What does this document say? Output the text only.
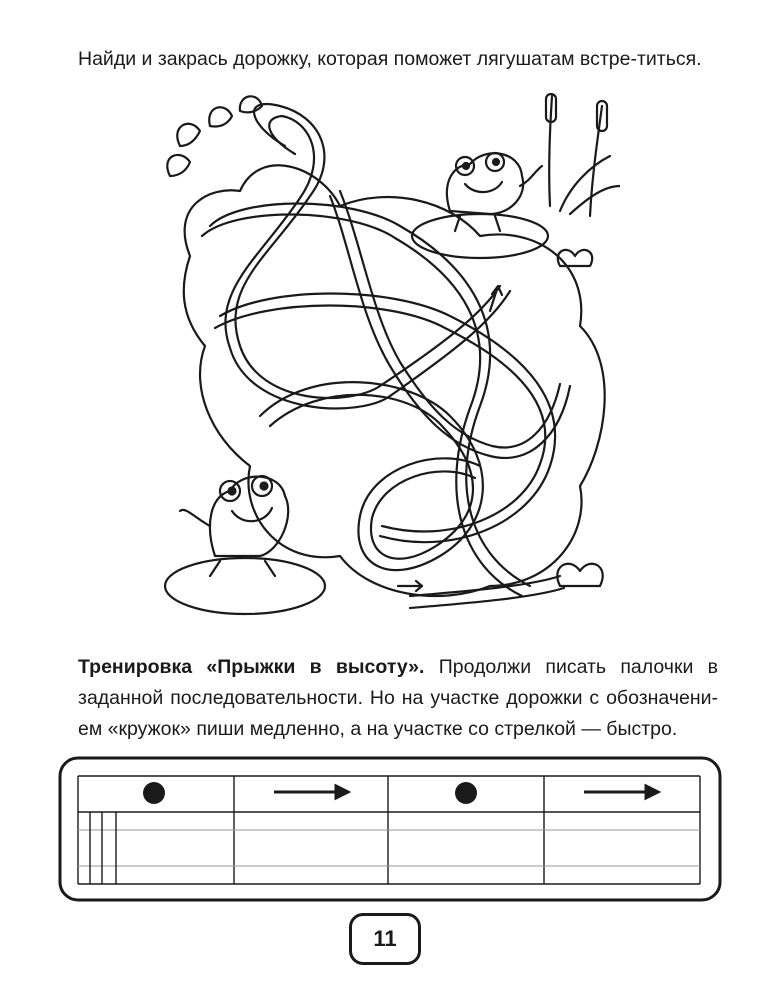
Найди и закрась дорожку, которая поможет лягушатам встре-титься.
Тренировка «Прыжки в высоту». Продолжи писать палочки в заданной последовательности. Но на участке дорожки с обозначени-ем «кружок» пиши медленно, а на участке со стрелкой — быстро.
11
